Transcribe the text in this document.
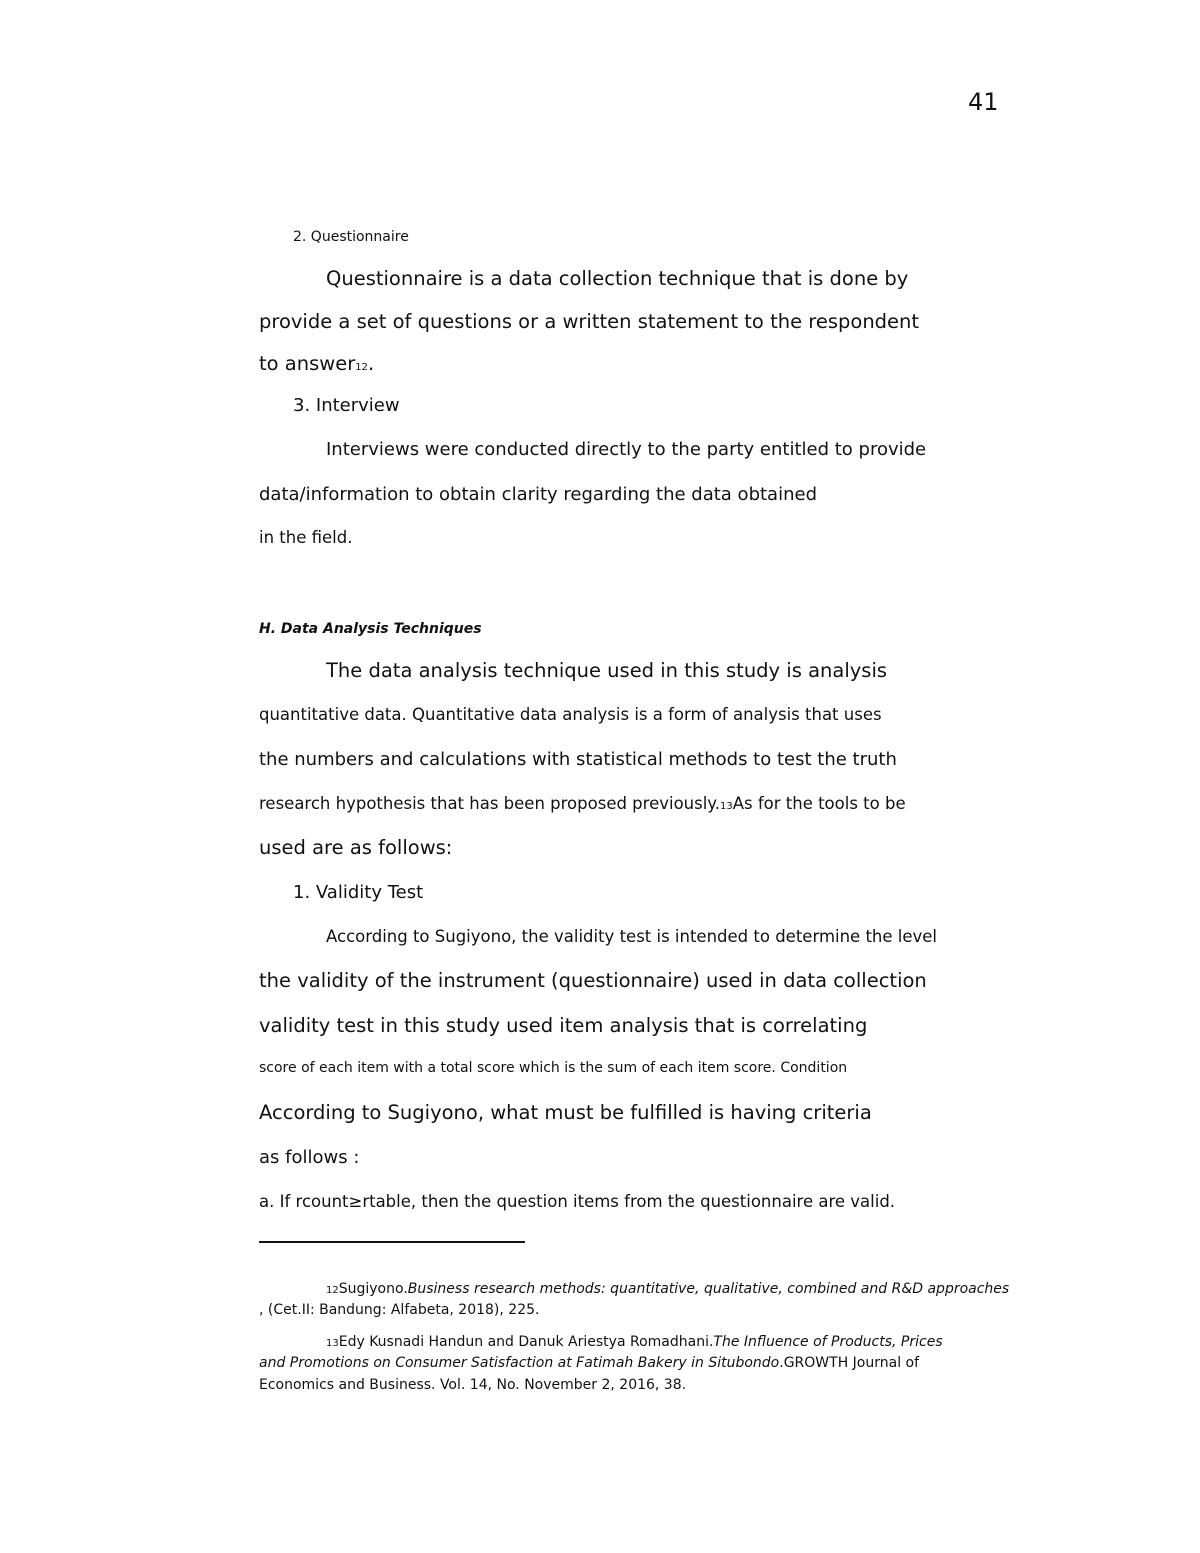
41
2. Questionnaire
Questionnaire is a data collection technique that is done by
provide a set of questions or a written statement to the respondent
to answer12.
3. Interview
Interviews were conducted directly to the party entitled to provide
data/information to obtain clarity regarding the data obtained
in the field.
H. Data Analysis Techniques
The data analysis technique used in this study is analysis
quantitative data. Quantitative data analysis is a form of analysis that uses
the numbers and calculations with statistical methods to test the truth
research hypothesis that has been proposed previously.13As for the tools to be
used are as follows:
1. Validity Test
According to Sugiyono, the validity test is intended to determine the level
the validity of the instrument (questionnaire) used in data collection
validity test in this study used item analysis that is correlating
score of each item with a total score which is the sum of each item score. Condition
According to Sugiyono, what must be fulfilled is having criteria
as follows :
a. If rcount≥rtable, then the question items from the questionnaire are valid.
12Sugiyono.Business research methods: quantitative, qualitative, combined and R&D approaches
, (Cet.II: Bandung: Alfabeta, 2018), 225.
13Edy Kusnadi Handun and Danuk Ariestya Romadhani.The Influence of Products, Prices
and Promotions on Consumer Satisfaction at Fatimah Bakery in Situbondo.GROWTH Journal of
Economics and Business. Vol. 14, No. November 2, 2016, 38.
